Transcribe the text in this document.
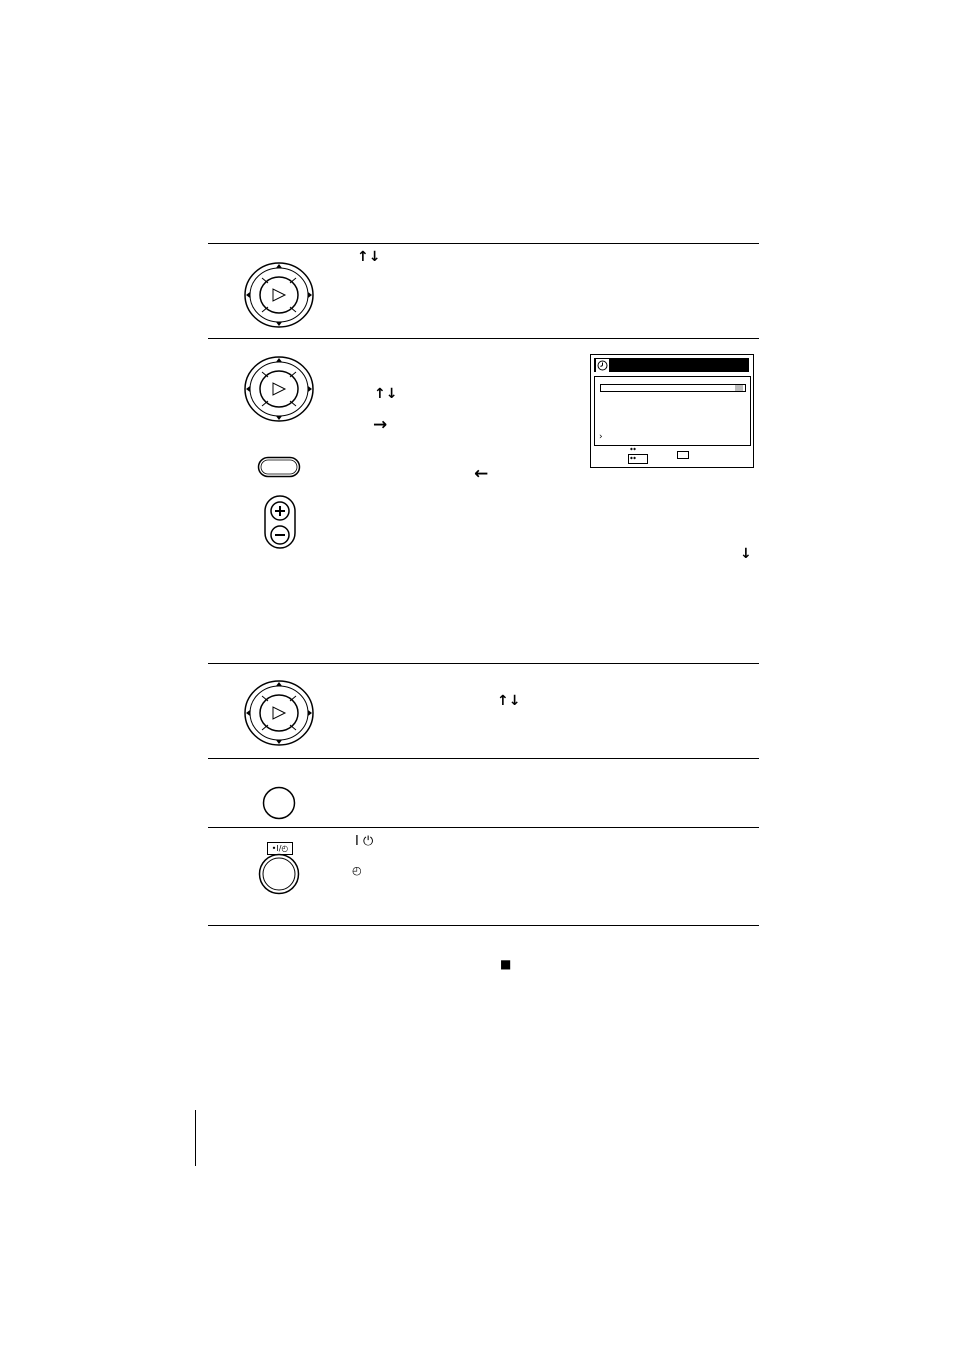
↑↓
↑↓
→
←
↓
›
↑↓
•I/◴	I ⏻
◴
■
